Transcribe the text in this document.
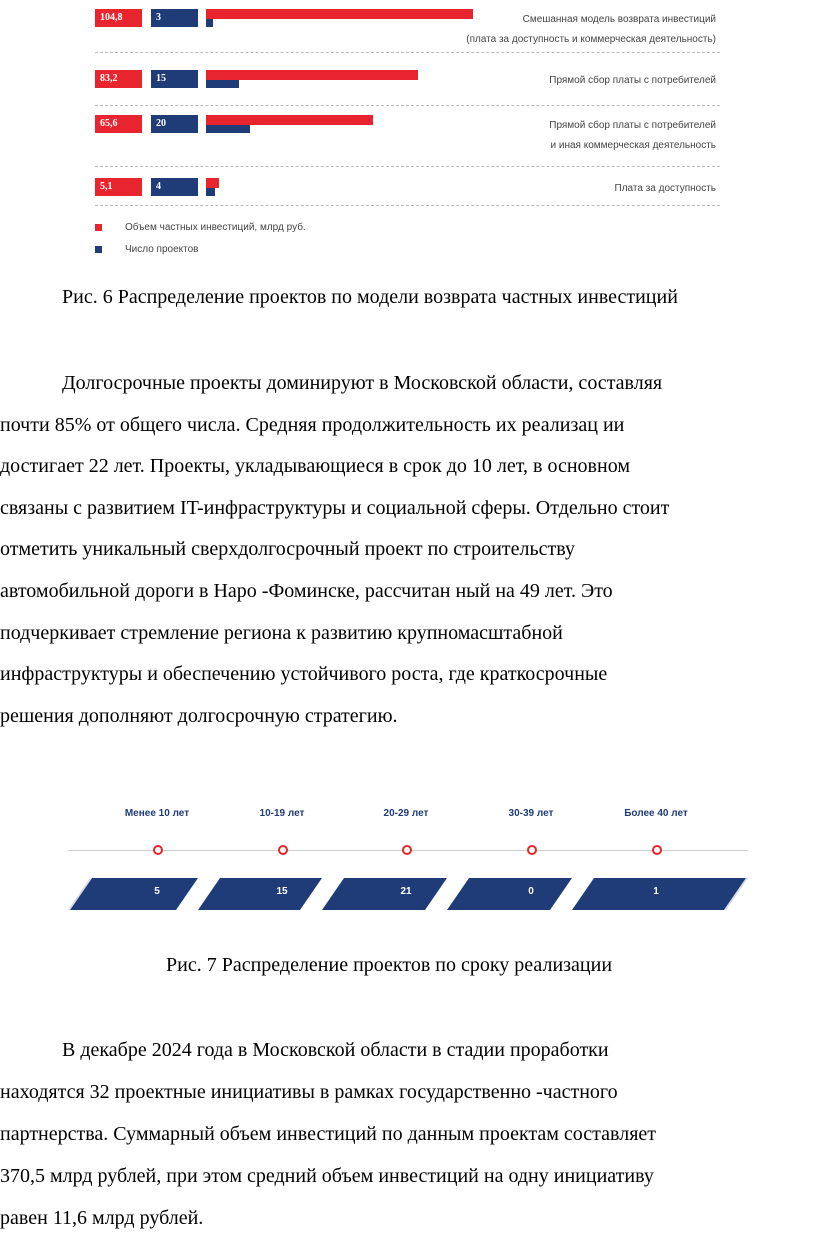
104,8	3	Смешанная модель возврата инвестиций
(плата за доступность и коммерческая деятельность)
83,2	15	Прямой сбор платы с потребителей
65,6	20	Прямой сбор платы с потребителей
и иная коммерческая деятельность
5,1	4	Плата за доступность
Объем частных инвестиций, млрд руб.
Число проектов
Рис. 6 Распределение проектов по модели возврата частных инвестиций
Долгосрочные проекты доминируют в Московской области, составляя
почти 85% от общего числа. Средняя продолжительность их реализац ии
достигает 22 лет. Проекты, укладывающиеся в срок до 10 лет, в основном
связаны с развитием IT-инфраструктуры и социальной сферы. Отдельно стоит
отметить уникальный сверхдолгосрочный проект по строительству
автомобильной дороги в Наро -Фоминске, рассчитан ный на 49 лет. Это
подчеркивает стремление региона к развитию крупномасштабной
инфраструктуры и обеспечению устойчивого роста, где краткосрочные
решения дополняют долгосрочную стратегию.
Менее 10 лет
5
10-19 лет
15
20-29 лет
21
30-39 лет
0
Более 40 лет
1
Рис. 7 Распределение проектов по сроку реализации
В декабре 2024 года в Московской области в стадии проработки
находятся 32 проектные инициативы в рамках государственно -частного
партнерства. Суммарный объем инвестиций по данным проектам составляет
370,5 млрд рублей, при этом средний объем инвестиций на одну инициативу
равен 11,6 млрд рублей.
